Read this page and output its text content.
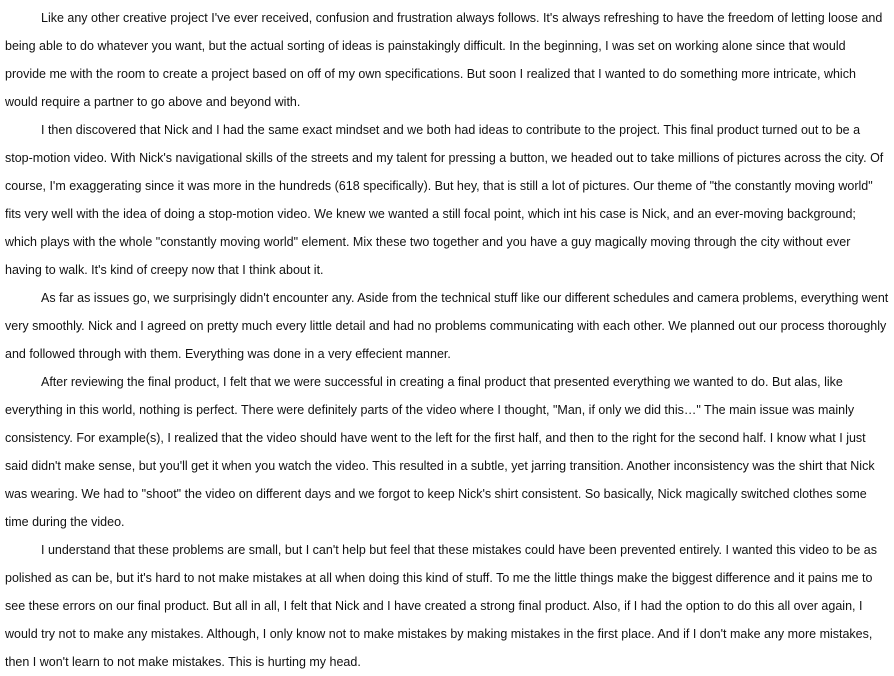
Like any other creative project I've ever received, confusion and frustration always follows. It's always refreshing to have the freedom of letting loose and being able to do whatever you want, but the actual sorting of ideas is painstakingly difficult. In the beginning, I was set on working alone since that would provide me with the room to create a project based on off of my own specifications. But soon I realized that I wanted to do something more intricate, which would require a partner to go above and beyond with.

I then discovered that Nick and I had the same exact mindset and we both had ideas to contribute to the project. This final product turned out to be a stop-motion video. With Nick's navigational skills of the streets and my talent for pressing a button, we headed out to take millions of pictures across the city. Of course, I'm exaggerating since it was more in the hundreds (618 specifically). But hey, that is still a lot of pictures. Our theme of "the constantly moving world" fits very well with the idea of doing a stop-motion video. We knew we wanted a still focal point, which int his case is Nick, and an ever-moving background; which plays with the whole "constantly moving world" element. Mix these two together and you have a guy magically moving through the city without ever having to walk. It's kind of creepy now that I think about it.

As far as issues go, we surprisingly didn't encounter any. Aside from the technical stuff like our different schedules and camera problems, everything went very smoothly. Nick and I agreed on pretty much every little detail and had no problems communicating with each other. We planned out our process thoroughly and followed through with them. Everything was done in a very effecient manner.

After reviewing the final product, I felt that we were successful in creating a final product that presented everything we wanted to do. But alas, like everything in this world, nothing is perfect. There were definitely parts of the video where I thought, "Man, if only we did this…" The main issue was mainly consistency. For example(s), I realized that the video should have went to the left for the first half, and then to the right for the second half. I know what I just said didn't make sense, but you'll get it when you watch the video. This resulted in a subtle, yet jarring transition. Another inconsistency was the shirt that Nick was wearing. We had to "shoot" the video on different days and we forgot to keep Nick's shirt consistent. So basically, Nick magically switched clothes some time during the video.

I understand that these problems are small, but I can't help but feel that these mistakes could have been prevented entirely. I wanted this video to be as polished as can be, but it's hard to not make mistakes at all when doing this kind of stuff. To me the little things make the biggest difference and it pains me to see these errors on our final product. But all in all, I felt that Nick and I have created a strong final product. Also, if I had the option to do this all over again, I would try not to make any mistakes. Although, I only know not to make mistakes by making mistakes in the first place. And if I don't make any more mistakes, then I won't learn to not make mistakes. This is hurting my head.
